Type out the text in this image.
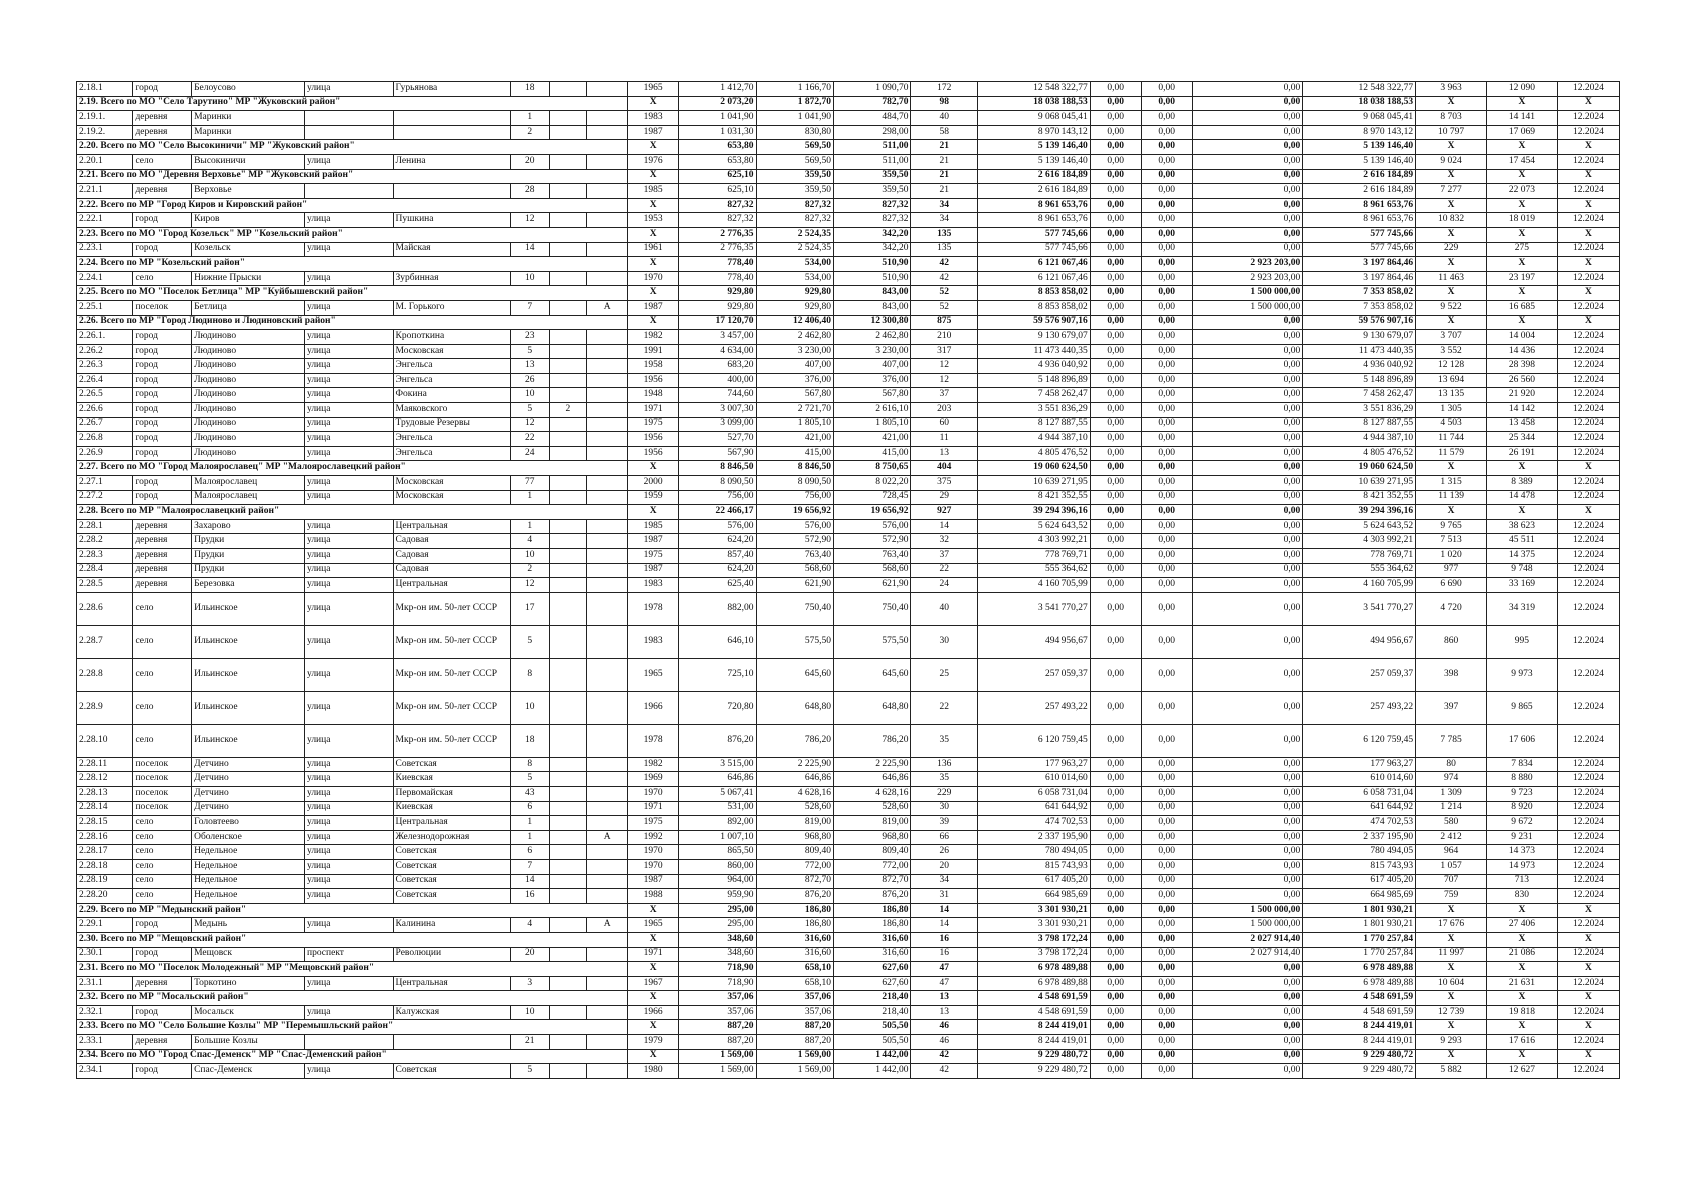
2.18.1	город	Белоусово	улица	Гурьянова	18			1965	1 412,70	1 166,70	1 090,70	172	12 548 322,77	0,00	0,00	0,00	12 548 322,77	3 963	12 090	12.2024
2.19. Всего по МО "Село Тарутино" МР "Жуковский район"								X	2 073,20	1 872,70	782,70	98	18 038 188,53	0,00	0,00	0,00	18 038 188,53	X	X	X
2.19.1.	деревня	Маринки			1			1983	1 041,90	1 041,90	484,70	40	9 068 045,41	0,00	0,00	0,00	9 068 045,41	8 703	14 141	12.2024
2.19.2.	деревня	Маринки			2			1987	1 031,30	830,80	298,00	58	8 970 143,12	0,00	0,00	0,00	8 970 143,12	10 797	17 069	12.2024
2.20. Всего по МО "Село Высокиничи" МР "Жуковский район"								X	653,80	569,50	511,00	21	5 139 146,40	0,00	0,00	0,00	5 139 146,40	X	X	X
2.20.1	село	Высокиничи	улица	Ленина	20			1976	653,80	569,50	511,00	21	5 139 146,40	0,00	0,00	0,00	5 139 146,40	9 024	17 454	12.2024
2.21. Всего по МО "Деревня Верховье" МР "Жуковский район"								X	625,10	359,50	359,50	21	2 616 184,89	0,00	0,00	0,00	2 616 184,89	X	X	X
2.21.1	деревня	Верховье			28			1985	625,10	359,50	359,50	21	2 616 184,89	0,00	0,00	0,00	2 616 184,89	7 277	22 073	12.2024
2.22. Всего по МР "Город Киров и Кировский район"								X	827,32	827,32	827,32	34	8 961 653,76	0,00	0,00	0,00	8 961 653,76	X	X	X
2.22.1	город	Киров	улица	Пушкина	12			1953	827,32	827,32	827,32	34	8 961 653,76	0,00	0,00	0,00	8 961 653,76	10 832	18 019	12.2024
2.23. Всего по МО "Город Козельск" МР "Козельский район"								X	2 776,35	2 524,35	342,20	135	577 745,66	0,00	0,00	0,00	577 745,66	X	X	X
2.23.1	город	Козельск	улица	Майская	14			1961	2 776,35	2 524,35	342,20	135	577 745,66	0,00	0,00	0,00	577 745,66	229	275	12.2024
2.24. Всего по МР "Козельский район"								X	778,40	534,00	510,90	42	6 121 067,46	0,00	0,00	2 923 203,00	3 197 864,46	X	X	X
2.24.1	село	Нижние Прыски	улица	Зурбинная	10			1970	778,40	534,00	510,90	42	6 121 067,46	0,00	0,00	2 923 203,00	3 197 864,46	11 463	23 197	12.2024
2.25. Всего по МО "Поселок Бетлица" МР "Куйбышевский район"								X	929,80	929,80	843,00	52	8 853 858,02	0,00	0,00	1 500 000,00	7 353 858,02	X	X	X
2.25.1	поселок	Бетлица	улица	М. Горького	7		А	1987	929,80	929,80	843,00	52	8 853 858,02	0,00	0,00	1 500 000,00	7 353 858,02	9 522	16 685	12.2024
2.26. Всего по МР "Город Людиново и Людиновский район"								X	17 120,70	12 406,40	12 300,80	875	59 576 907,16	0,00	0,00	0,00	59 576 907,16	X	X	X
2.26.1.	город	Людиново	улица	Кропоткина	23			1982	3 457,00	2 462,80	2 462,80	210	9 130 679,07	0,00	0,00	0,00	9 130 679,07	3 707	14 004	12.2024
2.26.2	город	Людиново	улица	Московская	5			1991	4 634,00	3 230,00	3 230,00	317	11 473 440,35	0,00	0,00	0,00	11 473 440,35	3 552	14 436	12.2024
2.26.3	город	Людиново	улица	Энгельса	13			1958	683,20	407,00	407,00	12	4 936 040,92	0,00	0,00	0,00	4 936 040,92	12 128	28 398	12.2024
2.26.4	город	Людиново	улица	Энгельса	26			1956	400,00	376,00	376,00	12	5 148 896,89	0,00	0,00	0,00	5 148 896,89	13 694	26 560	12.2024
2.26.5	город	Людиново	улица	Фокина	10			1948	744,60	567,80	567,80	37	7 458 262,47	0,00	0,00	0,00	7 458 262,47	13 135	21 920	12.2024
2.26.6	город	Людиново	улица	Маяковского	5	2		1971	3 007,30	2 721,70	2 616,10	203	3 551 836,29	0,00	0,00	0,00	3 551 836,29	1 305	14 142	12.2024
2.26.7	город	Людиново	улица	Трудовые Резервы	12			1975	3 099,00	1 805,10	1 805,10	60	8 127 887,55	0,00	0,00	0,00	8 127 887,55	4 503	13 458	12.2024
2.26.8	город	Людиново	улица	Энгельса	22			1956	527,70	421,00	421,00	11	4 944 387,10	0,00	0,00	0,00	4 944 387,10	11 744	25 344	12.2024
2.26.9	город	Людиново	улица	Энгельса	24			1956	567,90	415,00	415,00	13	4 805 476,52	0,00	0,00	0,00	4 805 476,52	11 579	26 191	12.2024
2.27. Всего по МО "Город Малоярославец" МР "Малоярославецкий район"								X	8 846,50	8 846,50	8 750,65	404	19 060 624,50	0,00	0,00	0,00	19 060 624,50	X	X	X
2.27.1	город	Малоярославец	улица	Московская	77			2000	8 090,50	8 090,50	8 022,20	375	10 639 271,95	0,00	0,00	0,00	10 639 271,95	1 315	8 389	12.2024
2.27.2	город	Малоярославец	улица	Московская	1			1959	756,00	756,00	728,45	29	8 421 352,55	0,00	0,00	0,00	8 421 352,55	11 139	14 478	12.2024
2.28. Всего по МР "Малоярославецкий район"								X	22 466,17	19 656,92	19 656,92	927	39 294 396,16	0,00	0,00	0,00	39 294 396,16	X	X	X
2.28.1	деревня	Захарово	улица	Центральная	1			1985	576,00	576,00	576,00	14	5 624 643,52	0,00	0,00	0,00	5 624 643,52	9 765	38 623	12.2024
2.28.2	деревня	Прудки	улица	Садовая	4			1987	624,20	572,90	572,90	32	4 303 992,21	0,00	0,00	0,00	4 303 992,21	7 513	45 511	12.2024
2.28.3	деревня	Прудки	улица	Садовая	10			1975	857,40	763,40	763,40	37	778 769,71	0,00	0,00	0,00	778 769,71	1 020	14 375	12.2024
2.28.4	деревня	Прудки	улица	Садовая	2			1987	624,20	568,60	568,60	22	555 364,62	0,00	0,00	0,00	555 364,62	977	9 748	12.2024
2.28.5	деревня	Березовка	улица	Центральная	12			1983	625,40	621,90	621,90	24	4 160 705,99	0,00	0,00	0,00	4 160 705,99	6 690	33 169	12.2024
2.28.6	село	Ильинское	улица	Мкр-он им. 50-лет СССР	17			1978	882,00	750,40	750,40	40	3 541 770,27	0,00	0,00	0,00	3 541 770,27	4 720	34 319	12.2024
2.28.7	село	Ильинское	улица	Мкр-он им. 50-лет СССР	5			1983	646,10	575,50	575,50	30	494 956,67	0,00	0,00	0,00	494 956,67	860	995	12.2024
2.28.8	село	Ильинское	улица	Мкр-он им. 50-лет СССР	8			1965	725,10	645,60	645,60	25	257 059,37	0,00	0,00	0,00	257 059,37	398	9 973	12.2024
2.28.9	село	Ильинское	улица	Мкр-он им. 50-лет СССР	10			1966	720,80	648,80	648,80	22	257 493,22	0,00	0,00	0,00	257 493,22	397	9 865	12.2024
2.28.10	село	Ильинское	улица	Мкр-он им. 50-лет СССР	18			1978	876,20	786,20	786,20	35	6 120 759,45	0,00	0,00	0,00	6 120 759,45	7 785	17 606	12.2024
2.28.11	поселок	Детчино	улица	Советская	8			1982	3 515,00	2 225,90	2 225,90	136	177 963,27	0,00	0,00	0,00	177 963,27	80	7 834	12.2024
2.28.12	поселок	Детчино	улица	Киевская	5			1969	646,86	646,86	646,86	35	610 014,60	0,00	0,00	0,00	610 014,60	974	8 880	12.2024
2.28.13	поселок	Детчино	улица	Первомайская	43			1970	5 067,41	4 628,16	4 628,16	229	6 058 731,04	0,00	0,00	0,00	6 058 731,04	1 309	9 723	12.2024
2.28.14	поселок	Детчино	улица	Киевская	6			1971	531,00	528,60	528,60	30	641 644,92	0,00	0,00	0,00	641 644,92	1 214	8 920	12.2024
2.28.15	село	Головтеево	улица	Центральная	1			1975	892,00	819,00	819,00	39	474 702,53	0,00	0,00	0,00	474 702,53	580	9 672	12.2024
2.28.16	село	Оболенское	улица	Железнодорожная	1		А	1992	1 007,10	968,80	968,80	66	2 337 195,90	0,00	0,00	0,00	2 337 195,90	2 412	9 231	12.2024
2.28.17	село	Недельное	улица	Советская	6			1970	865,50	809,40	809,40	26	780 494,05	0,00	0,00	0,00	780 494,05	964	14 373	12.2024
2.28.18	село	Недельное	улица	Советская	7			1970	860,00	772,00	772,00	20	815 743,93	0,00	0,00	0,00	815 743,93	1 057	14 973	12.2024
2.28.19	село	Недельное	улица	Советская	14			1987	964,00	872,70	872,70	34	617 405,20	0,00	0,00	0,00	617 405,20	707	713	12.2024
2.28.20	село	Недельное	улица	Советская	16			1988	959,90	876,20	876,20	31	664 985,69	0,00	0,00	0,00	664 985,69	759	830	12.2024
2.29. Всего по МР "Медынский район"								X	295,00	186,80	186,80	14	3 301 930,21	0,00	0,00	1 500 000,00	1 801 930,21	X	X	X
2.29.1	город	Медынь	улица	Калинина	4		А	1965	295,00	186,80	186,80	14	3 301 930,21	0,00	0,00	1 500 000,00	1 801 930,21	17 676	27 406	12.2024
2.30. Всего по МР "Мещовский район"								X	348,60	316,60	316,60	16	3 798 172,24	0,00	0,00	2 027 914,40	1 770 257,84	X	X	X
2.30.1	город	Мещовск	проспект	Революции	20			1971	348,60	316,60	316,60	16	3 798 172,24	0,00	0,00	2 027 914,40	1 770 257,84	11 997	21 086	12.2024
2.31. Всего по МО "Поселок Молодежный" МР "Мещовский район"								X	718,90	658,10	627,60	47	6 978 489,88	0,00	0,00	0,00	6 978 489,88	X	X	X
2.31.1	деревня	Торкотино	улица	Центральная	3			1967	718,90	658,10	627,60	47	6 978 489,88	0,00	0,00	0,00	6 978 489,88	10 604	21 631	12.2024
2.32. Всего по МР "Мосальский район"								X	357,06	357,06	218,40	13	4 548 691,59	0,00	0,00	0,00	4 548 691,59	X	X	X
2.32.1	город	Мосальск	улица	Калужская	10			1966	357,06	357,06	218,40	13	4 548 691,59	0,00	0,00	0,00	4 548 691,59	12 739	19 818	12.2024
2.33. Всего по МО "Село Большие Козлы" МР "Перемышльский район"								X	887,20	887,20	505,50	46	8 244 419,01	0,00	0,00	0,00	8 244 419,01	X	X	X
2.33.1	деревня	Большие Козлы			21			1979	887,20	887,20	505,50	46	8 244 419,01	0,00	0,00	0,00	8 244 419,01	9 293	17 616	12.2024
2.34. Всего по МО "Город Спас-Деменск" МР "Спас-Деменский район"								X	1 569,00	1 569,00	1 442,00	42	9 229 480,72	0,00	0,00	0,00	9 229 480,72	X	X	X
2.34.1	город	Спас-Деменск	улица	Советская	5			1980	1 569,00	1 569,00	1 442,00	42	9 229 480,72	0,00	0,00	0,00	9 229 480,72	5 882	12 627	12.2024
